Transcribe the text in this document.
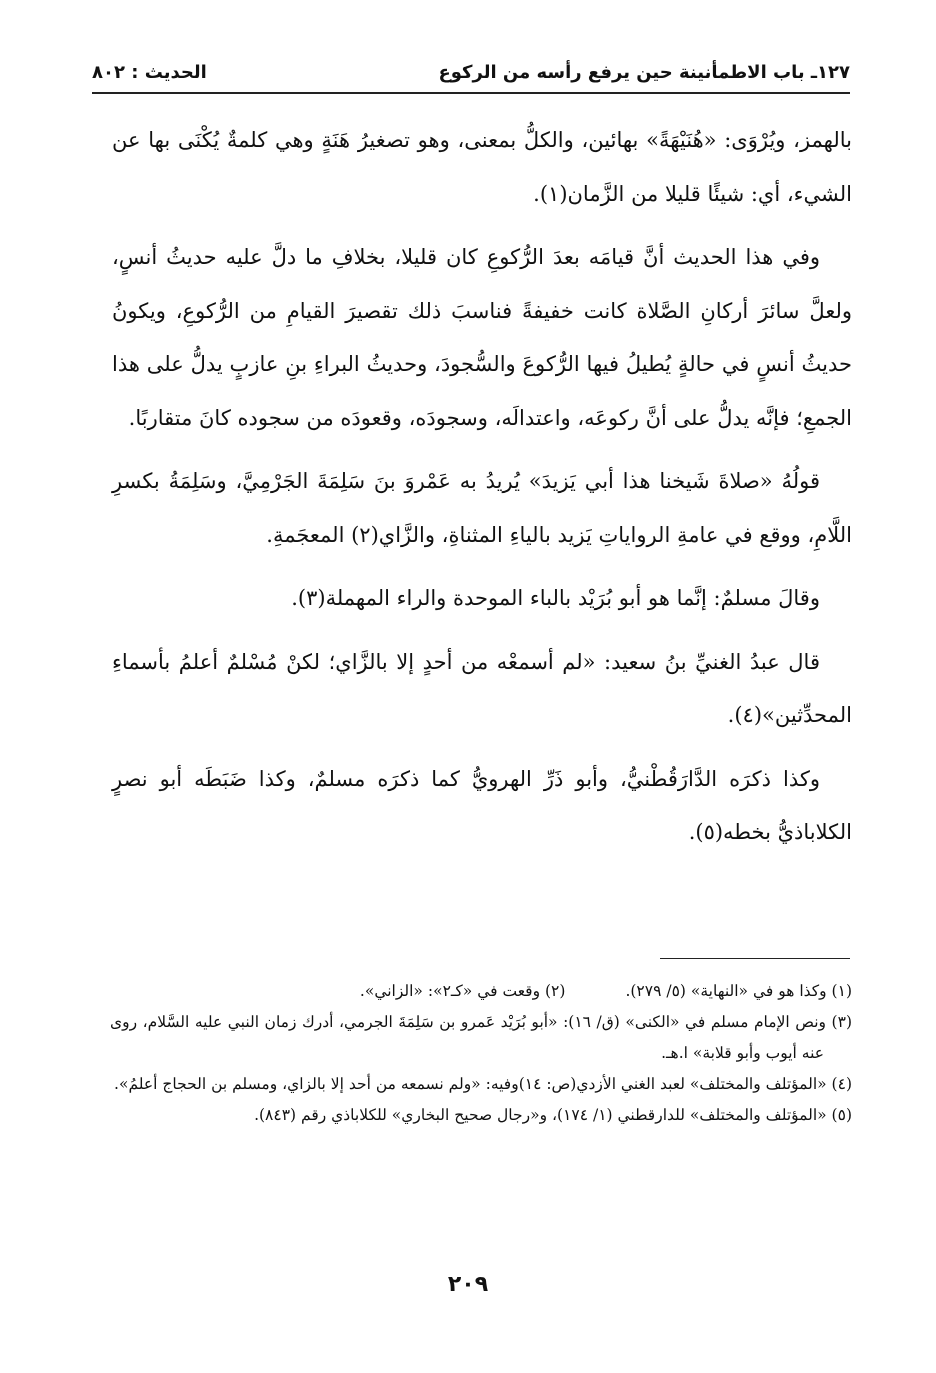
١٢٧ـ باب الاطمأنينة حين يرفع رأسه من الركوع
الحديث : ٨٠٢

بالهمز، ويُرْوَى: «هُنَيْهَةً» بهائين، والكلُّ بمعنى، وهو تصغيرُ هَنَةٍ وهي كلمةٌ يُكْنَى بها عن الشيء، أي: شيئًا قليلا من الزَّمان(١).

وفي هذا الحديث أنَّ قيامَه بعدَ الرُّكوعِ كان قليلا، بخلافِ ما دلَّ عليه حديثُ أنسٍ، ولعلَّ سائرَ أركانِ الصَّلاة كانت خفيفةً فناسبَ ذلك تقصيرَ القيامِ من الرُّكوعِ، ويكونُ حديثُ أنسٍ في حالةٍ يُطيلُ فيها الرُّكوعَ والسُّجودَ، وحديثُ البراءِ بنِ عازبٍ يدلُّ على هذا الجمعِ؛ فإنَّه يدلُّ على أنَّ ركوعَه، واعتدالَه، وسجودَه، وقعودَه من سجوده كانَ متقاربًا.

قولُهُ «صلاةَ شَيخنا هذا أبي يَزيدَ» يُريدُ به عَمْروَ بنَ سَلِمَةَ الجَرْمِيَّ، وسَلِمَةُ بكسرِ اللَّامِ، ووقع في عامةِ الرواياتِ يَزيد بالياءِ المثناةِ، والزَّاي(٢) المعجَمةِ.

وقالَ مسلمٌ: إنَّما هو أبو بُرَيْد بالباء الموحدة والراء المهملة(٣).

قال عبدُ الغنيِّ بنُ سعيد: «لم أسمعْه من أحدٍ إلا بالزَّاي؛ لكنْ مُسْلمٌ أعلمُ بأسماءِ المحدِّثين»(٤).

وكذا ذكرَه الدَّارَقُطْنيُّ، وأبو ذَرِّ الهرويُّ كما ذكرَه مسلمٌ، وكذا ضَبَطَه أبو نصرٍ الكلاباذيُّ بخطه(٥).

(١) وكذا هو في «النهاية» (٥/ ٢٧٩).

(٢) وقعت في «كـ٢»: «الزاني».

(٣) ونص الإمام مسلم في «الكنى» (ق/ ١٦): «أبو بُرَيْد عَمرو بن سَلِمَةَ الجرمي، أدرك زمان النبي عليه السَّلام، روى عنه أيوب وأبو قلابة» ا.هـ.

(٤) «المؤتلف والمختلف» لعبد الغني الأزدي(ص: ١٤)وفيه: «ولم نسمعه من أحد إلا بالزاي، ومسلم بن الحجاج أعلمُ».

(٥) «المؤتلف والمختلف» للدارقطني (١/ ١٧٤)، و«رجال صحيح البخاري» للكلاباذي رقم (٨٤٣).

٢٠٩
